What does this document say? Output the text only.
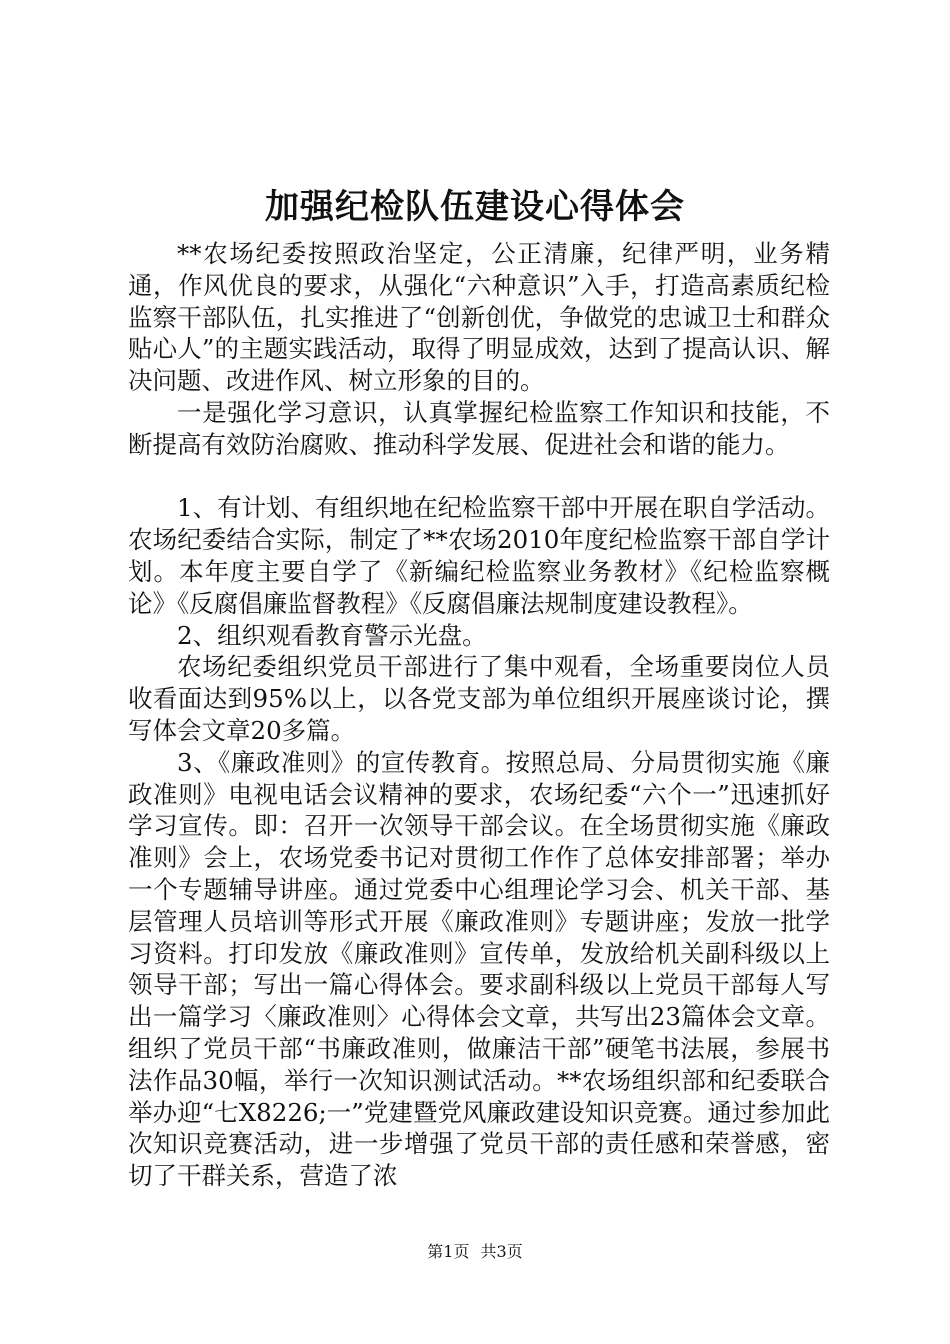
加强纪检队伍建设心得体会

**农场纪委按照政治坚定，公正清廉，纪律严明，业务精通，作风优良的要求，从强化“六种意识”入手，打造高素质纪检监察干部队伍，扎实推进了“创新创优，争做党的忠诚卫士和群众贴心人”的主题实践活动，取得了明显成效，达到了提高认识、解决问题、改进作风、树立形象的目的。

一是强化学习意识，认真掌握纪检监察工作知识和技能，不断提高有效防治腐败、推动科学发展、促进社会和谐的能力。

1、有计划、有组织地在纪检监察干部中开展在职自学活动。农场纪委结合实际，制定了**农场2010年度纪检监察干部自学计划。本年度主要自学了《新编纪检监察业务教材》《纪检监察概论》《反腐倡廉监督教程》《反腐倡廉法规制度建设教程》。

2、组织观看教育警示光盘。

农场纪委组织党员干部进行了集中观看，全场重要岗位人员收看面达到95%以上，以各党支部为单位组织开展座谈讨论，撰写体会文章20多篇。

3、《廉政准则》的宣传教育。按照总局、分局贯彻实施《廉政准则》电视电话会议精神的要求，农场纪委“六个一”迅速抓好学习宣传。即：召开一次领导干部会议。在全场贯彻实施《廉政准则》会上，农场党委书记对贯彻工作作了总体安排部署；举办一个专题辅导讲座。通过党委中心组理论学习会、机关干部、基层管理人员培训等形式开展《廉政准则》专题讲座；发放一批学习资料。打印发放《廉政准则》宣传单，发放给机关副科级以上领导干部；写出一篇心得体会。要求副科级以上党员干部每人写出一篇学习〈廉政准则〉心得体会文章，共写出23篇体会文章。组织了党员干部“书廉政准则，做廉洁干部”硬笔书法展，参展书法作品30幅，举行一次知识测试活动。**农场组织部和纪委联合举办迎“七X8226;一”党建暨党风廉政建设知识竞赛。通过参加此次知识竞赛活动，进一步增强了党员干部的责任感和荣誉感，密切了干群关系，营造了浓

第1页 共3页
